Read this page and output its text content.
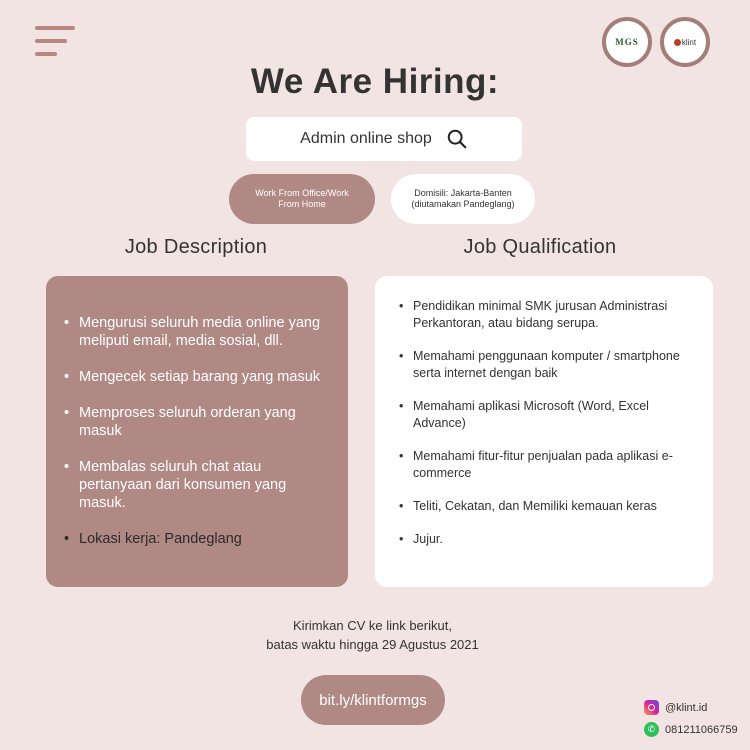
MGS	klint
We Are Hiring:
Admin online shop
Work From Office/Work From Home
Domisili: Jakarta-Banten (diutamakan Pandeglang)
Job Description	Job Qualification
• Mengurusi seluruh media online yang meliputi email, media sosial, dll.
• Mengecek setiap barang yang masuk
• Memproses seluruh orderan yang masuk
• Membalas seluruh chat atau pertanyaan dari konsumen yang masuk.
• Lokasi kerja: Pandeglang
• Pendidikan minimal SMK jurusan Administrasi Perkantoran, atau bidang serupa.
• Memahami penggunaan komputer / smartphone serta internet dengan baik
• Memahami aplikasi Microsoft (Word, Excel Advance)
• Memahami fitur-fitur penjualan pada aplikasi e-commerce
• Teliti, Cekatan, dan Memiliki kemauan keras
• Jujur.
Kirimkan CV ke link berikut,
batas waktu hingga 29 Agustus 2021
bit.ly/klintformgs	@klint.id
✆ 081211066759
